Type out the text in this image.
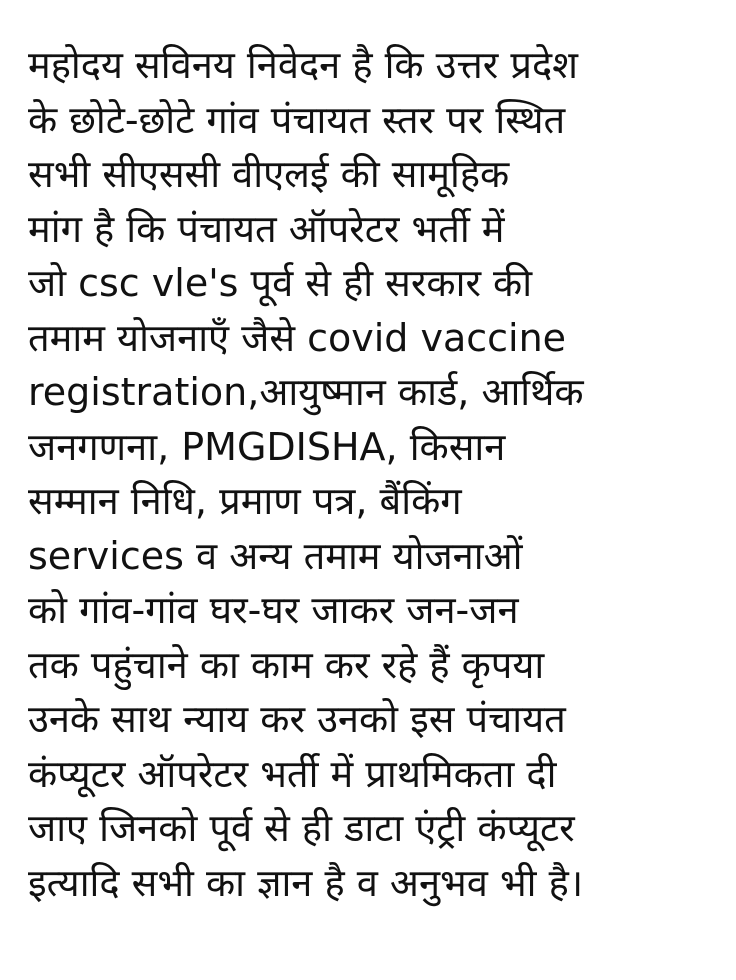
महोदय सविनय निवेदन है कि उत्तर प्रदेश
के छोटे-छोटे गांव पंचायत स्तर पर स्थित
सभी सीएससी वीएलई की सामूहिक
मांग है कि पंचायत ऑपरेटर भर्ती में
जो csc vle's पूर्व से ही सरकार की
तमाम योजनाएँ जैसे covid vaccine
registration,आयुष्मान कार्ड, आर्थिक
जनगणना, PMGDISHA, किसान
सम्मान निधि, प्रमाण पत्र, बैंकिंग
services व अन्य तमाम योजनाओं
को गांव-गांव घर-घर जाकर जन-जन
तक पहुंचाने का काम कर रहे हैं कृपया
उनके साथ न्याय कर उनको इस पंचायत
कंप्यूटर ऑपरेटर भर्ती में प्राथमिकता दी
जाए जिनको पूर्व से ही डाटा एंट्री कंप्यूटर
इत्यादि सभी का ज्ञान है व अनुभव भी है।
